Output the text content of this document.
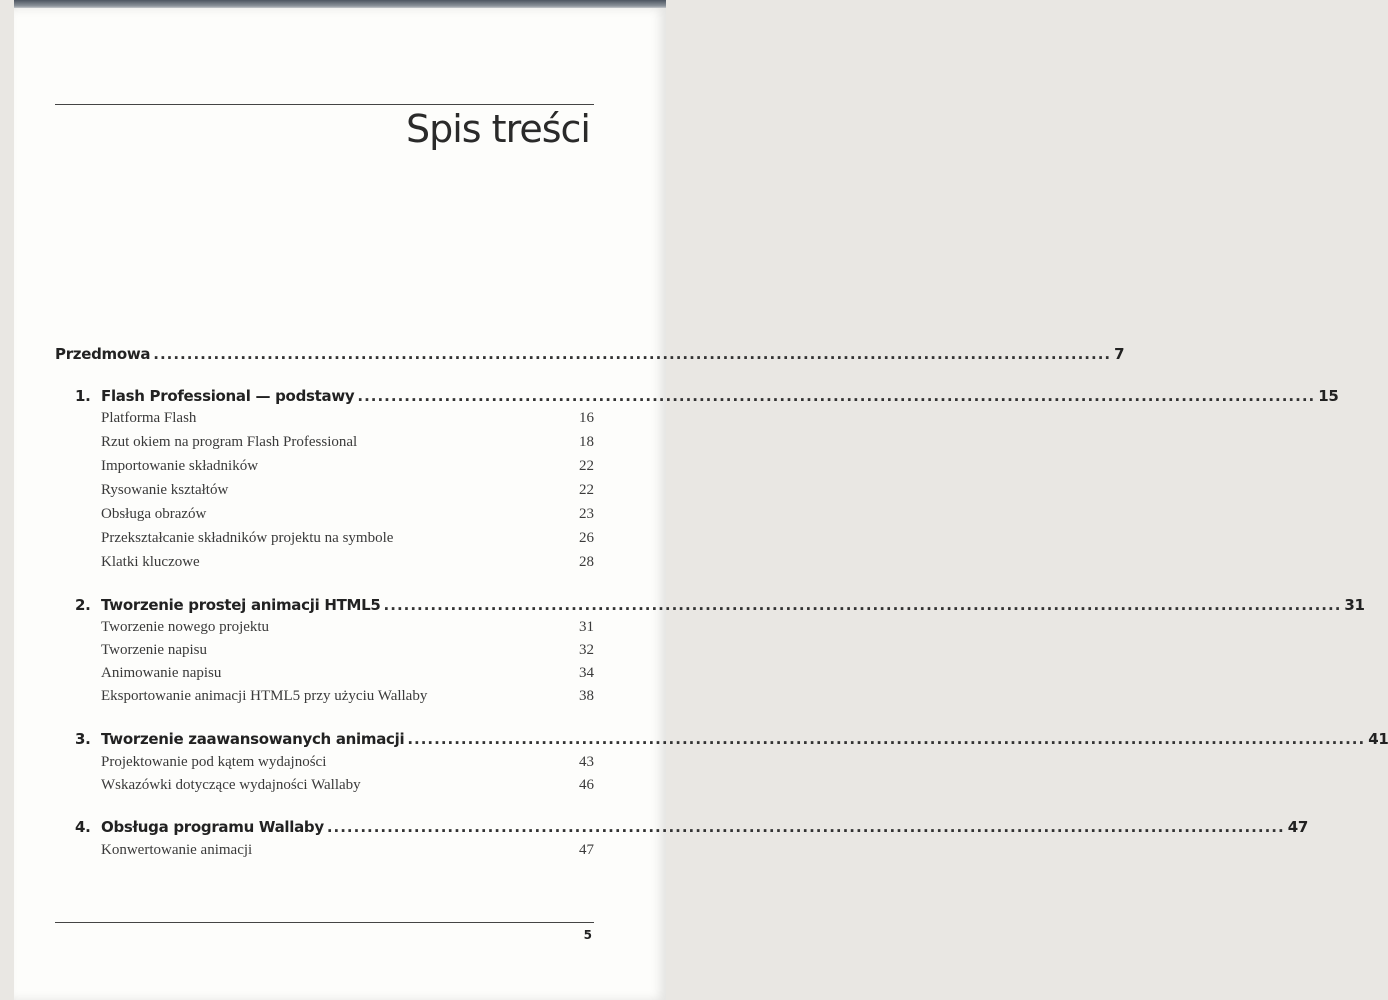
Spis treści
Przedmowa ............................................................................................................................................... 7
1. Flash Professional — podstawy ............................................................................................................................................... 15
Platforma Flash	16
Rzut okiem na program Flash Professional	18
Importowanie składników	22
Rysowanie kształtów	22
Obsługa obrazów	23
Przekształcanie składników projektu na symbole	26
Klatki kluczowe	28
2. Tworzenie prostej animacji HTML5 ............................................................................................................................................... 31
Tworzenie nowego projektu	31
Tworzenie napisu	32
Animowanie napisu	34
Eksportowanie animacji HTML5 przy użyciu Wallaby	38
3. Tworzenie zaawansowanych animacji ............................................................................................................................................... 41
Projektowanie pod kątem wydajności	43
Wskazówki dotyczące wydajności Wallaby	46
4. Obsługa programu Wallaby ............................................................................................................................................... 47
Konwertowanie animacji	47
5
